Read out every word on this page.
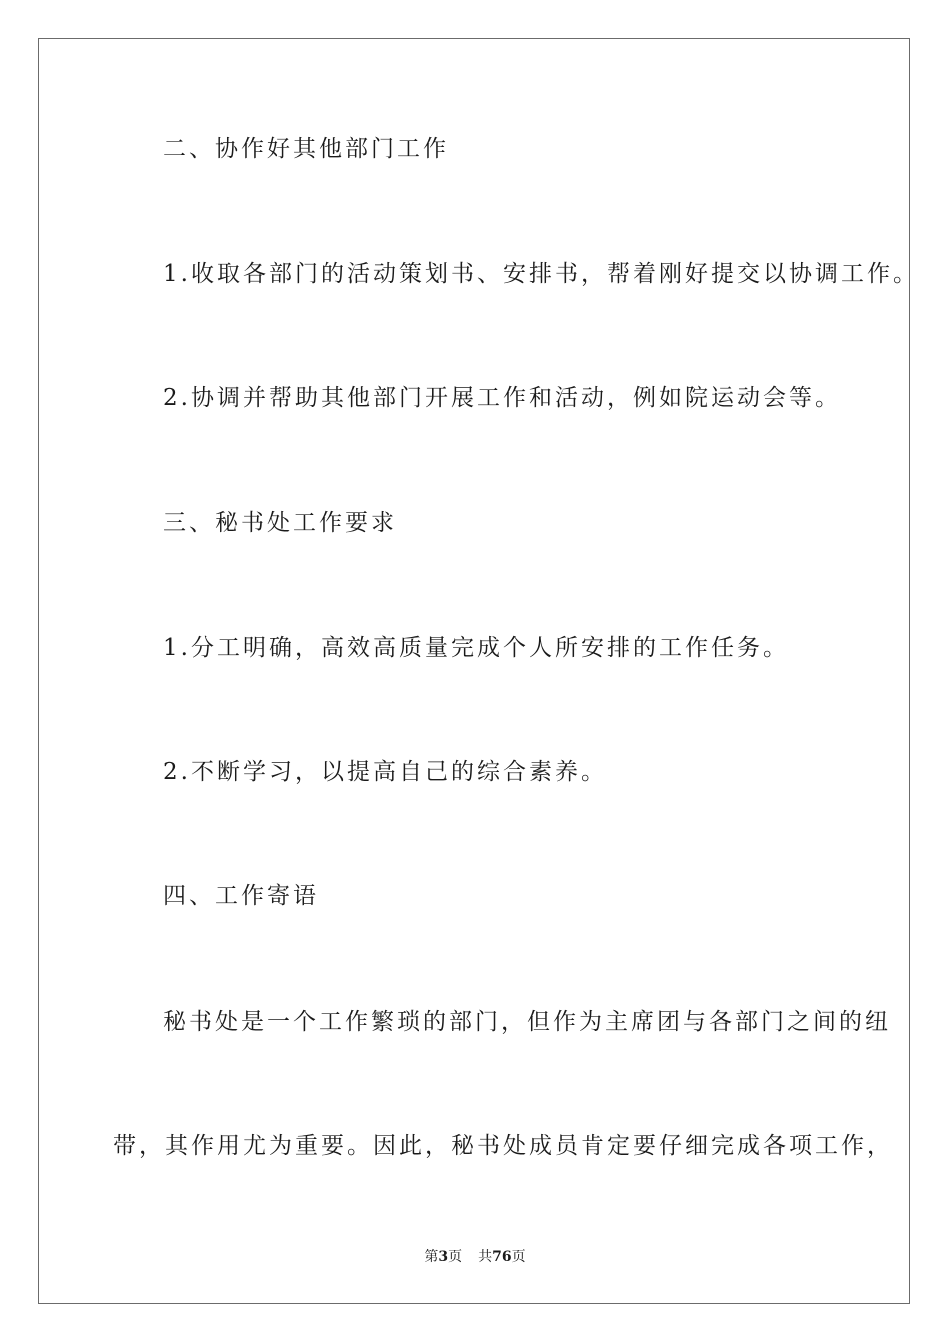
二、协作好其他部门工作
1.收取各部门的活动策划书、安排书，帮着刚好提交以协调工作。
2.协调并帮助其他部门开展工作和活动，例如院运动会等。
三、秘书处工作要求
1.分工明确，高效高质量完成个人所安排的工作任务。
2.不断学习，以提高自己的综合素养。
四、工作寄语
秘书处是一个工作繁琐的部门，但作为主席团与各部门之间的纽
带，其作用尤为重要。因此，秘书处成员肯定要仔细完成各项工作，
第3页 共76页
